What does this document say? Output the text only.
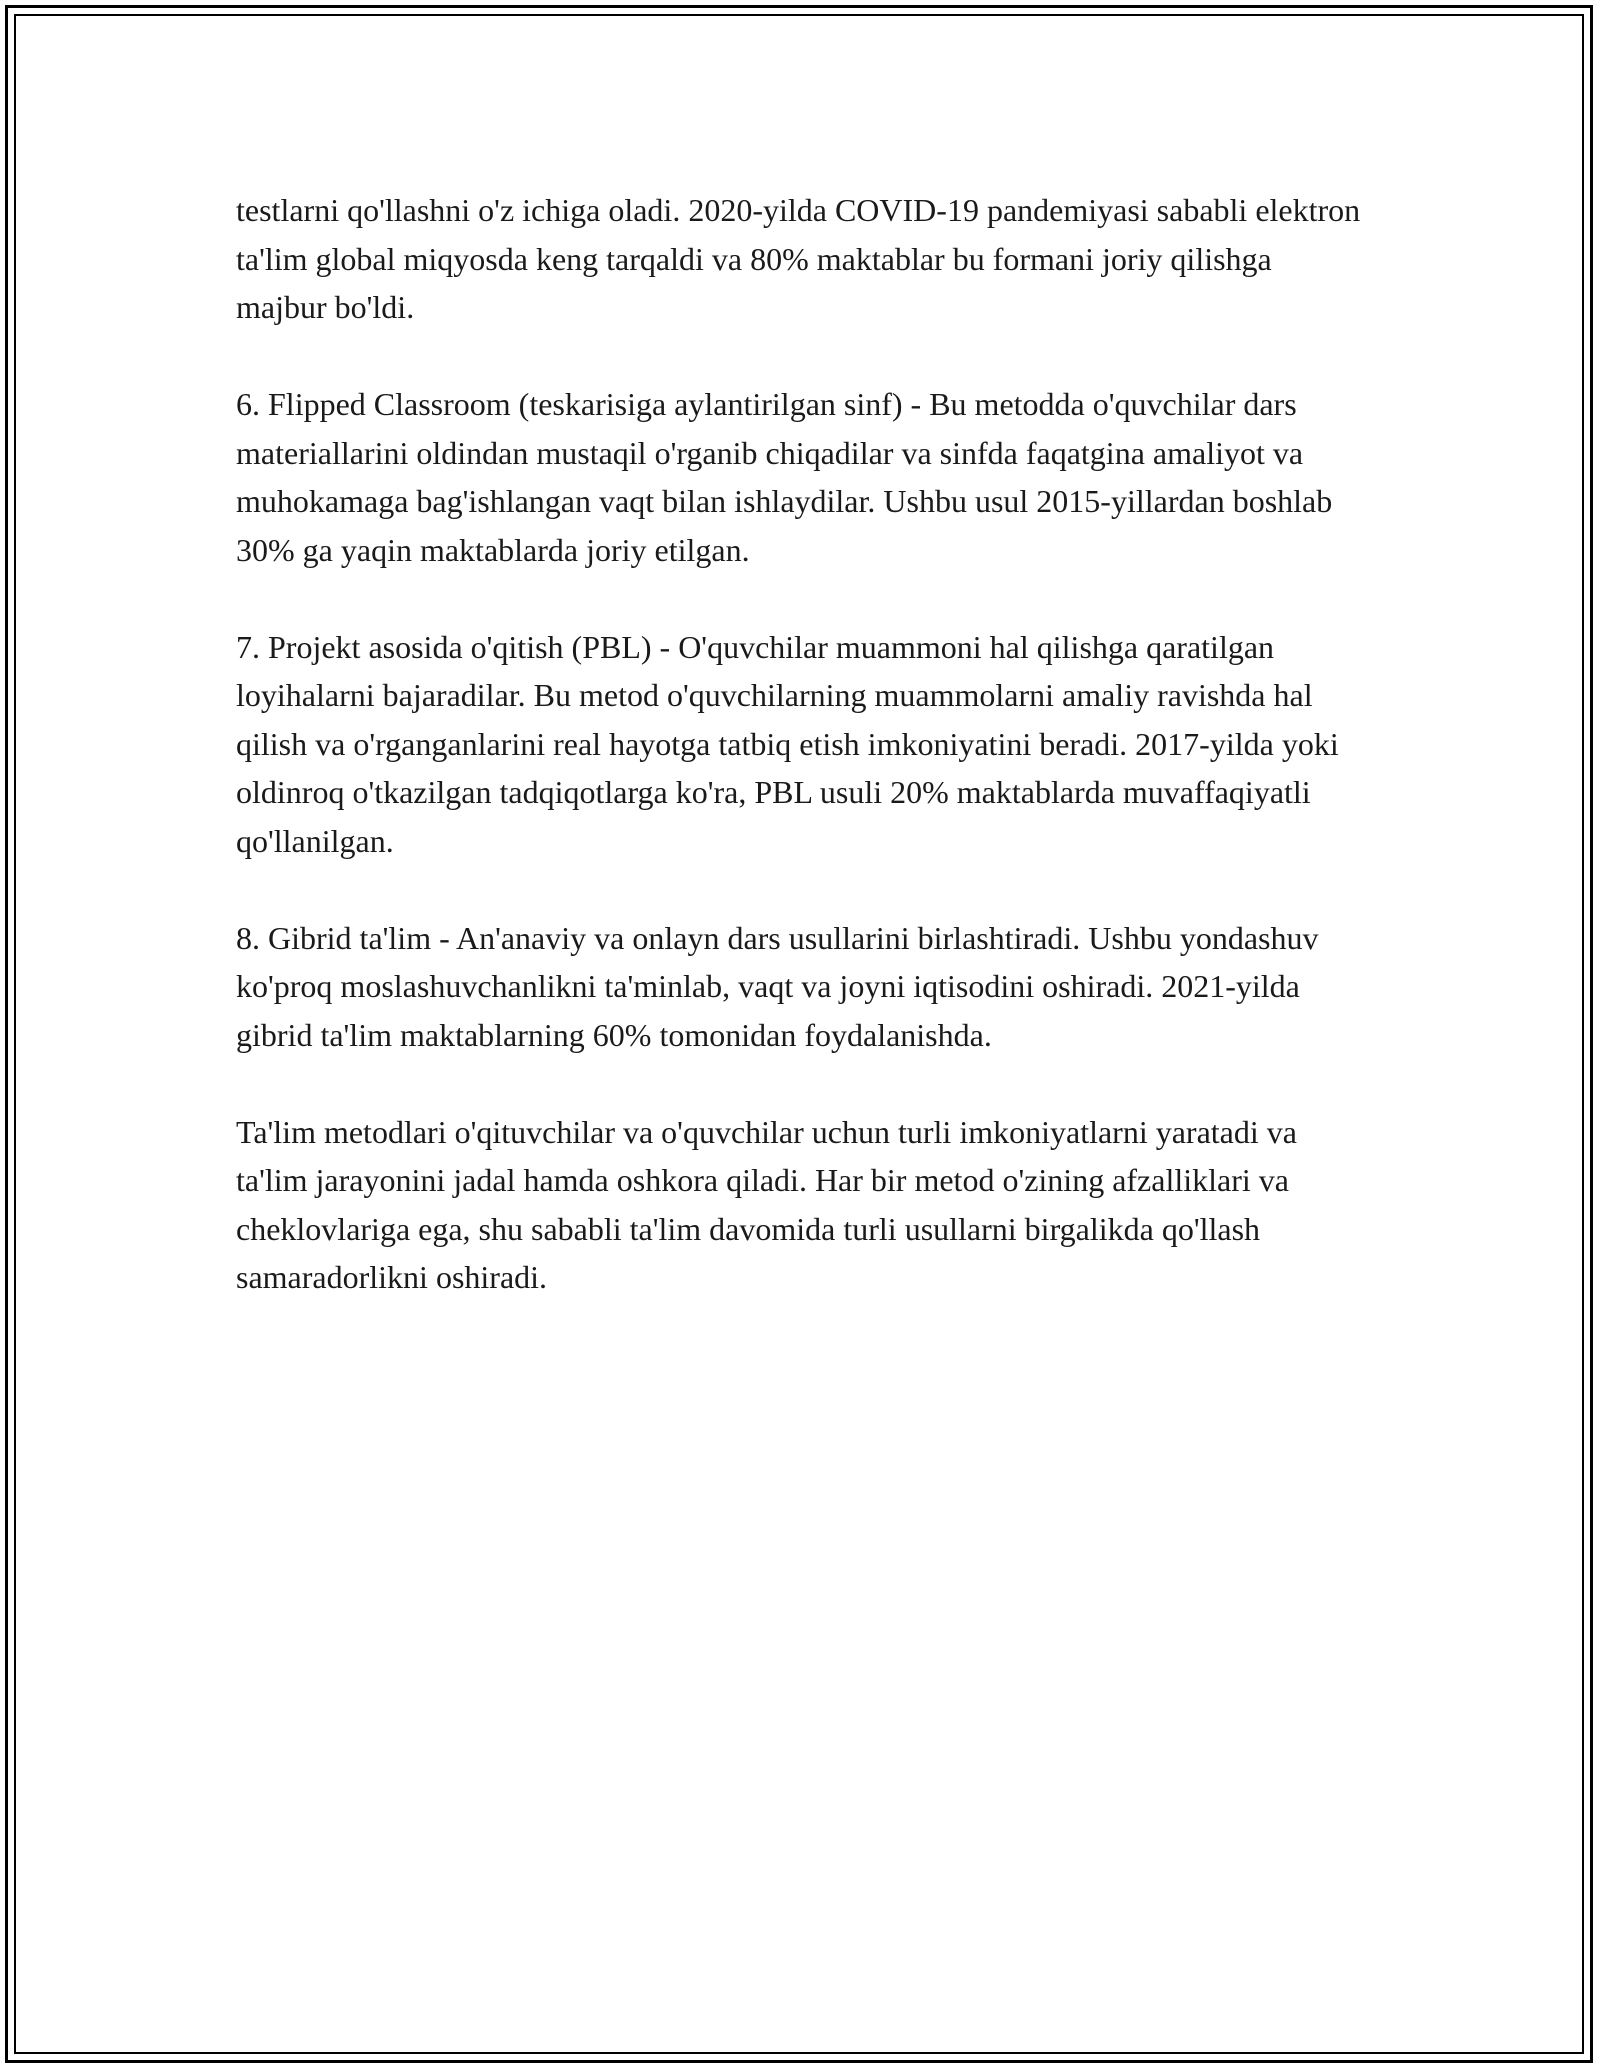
testlarni qo'llashni o'z ichiga oladi. 2020-yilda COVID-19 pandemiyasi sababli elektron ta'lim global miqyosda keng tarqaldi va 80% maktablar bu formani joriy qilishga majbur bo'ldi.

6. Flipped Classroom (teskarisiga aylantirilgan sinf) - Bu metodda o'quvchilar dars materiallarini oldindan mustaqil o'rganib chiqadilar va sinfda faqatgina amaliyot va muhokamaga bag'ishlangan vaqt bilan ishlaydilar. Ushbu usul 2015-yillardan boshlab 30% ga yaqin maktablarda joriy etilgan.

7. Projekt asosida o'qitish (PBL) - O'quvchilar muammoni hal qilishga qaratilgan loyihalarni bajaradilar. Bu metod o'quvchilarning muammolarni amaliy ravishda hal qilish va o'rganganlarini real hayotga tatbiq etish imkoniyatini beradi. 2017-yilda yoki oldinroq o'tkazilgan tadqiqotlarga ko'ra, PBL usuli 20% maktablarda muvaffaqiyatli qo'llanilgan.

8. Gibrid ta'lim - An'anaviy va onlayn dars usullarini birlashtiradi. Ushbu yondashuv ko'proq moslashuvchanlikni ta'minlab, vaqt va joyni iqtisodini oshiradi. 2021-yilda gibrid ta'lim maktablarning 60% tomonidan foydalanishda.

Ta'lim metodlari o'qituvchilar va o'quvchilar uchun turli imkoniyatlarni yaratadi va ta'lim jarayonini jadal hamda oshkora qiladi. Har bir metod o'zining afzalliklari va cheklovlariga ega, shu sababli ta'lim davomida turli usullarni birgalikda qo'llash samaradorlikni oshiradi.
